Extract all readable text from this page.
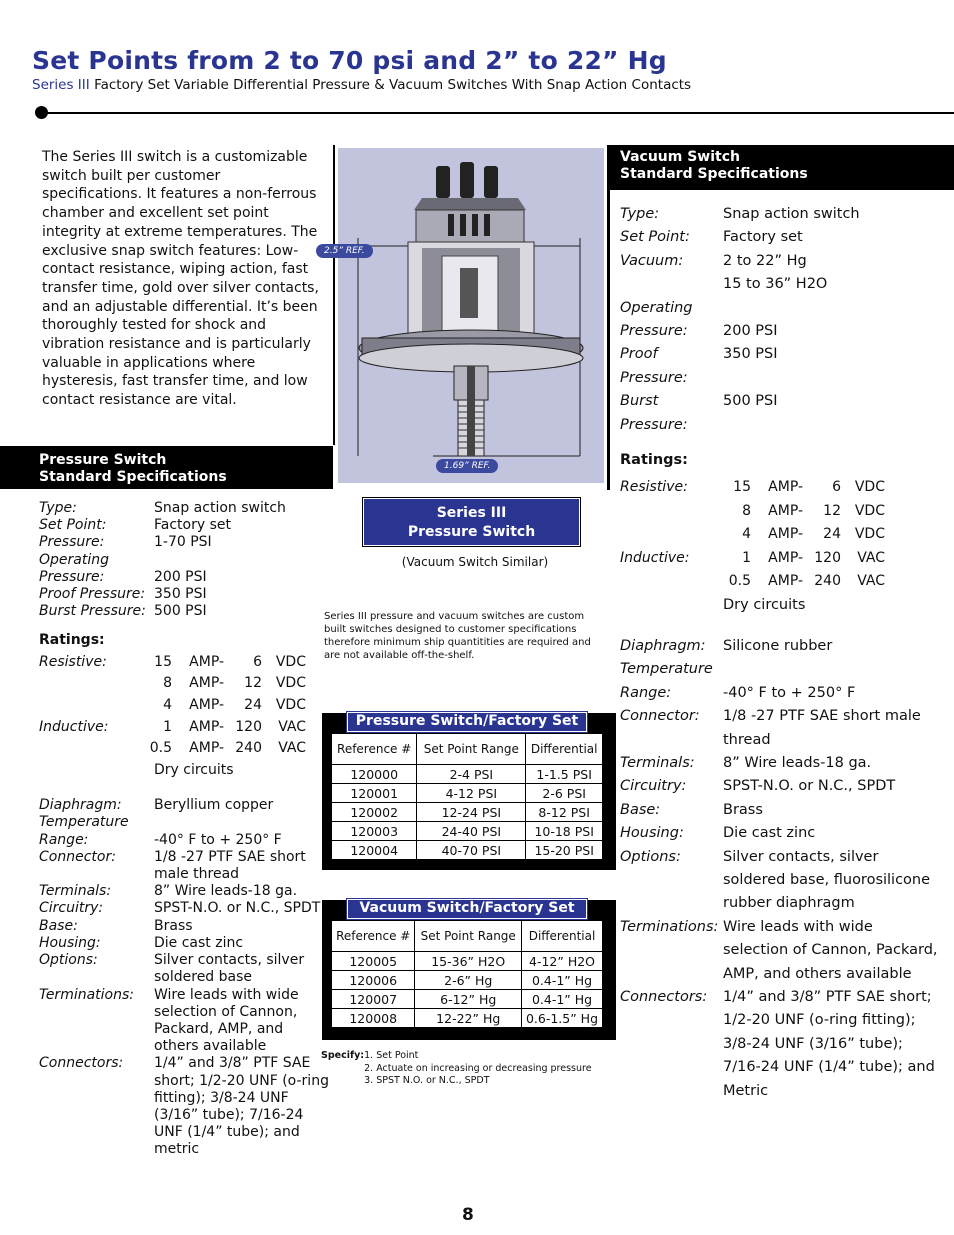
Set Points from 2 to 70 psi and 2” to 22” Hg
Series III Factory Set Variable Differential Pressure & Vacuum Switches With Snap Action Contacts
The Series III switch is a customizable switch built per customer specifications. It features a non-ferrous chamber and excellent set point integrity at extreme temperatures. The exclusive snap switch features: Low-contact resistance, wiping action, fast transfer time, gold over silver contacts, and an adjustable differential. It’s been thoroughly tested for shock and vibration resistance and is particularly valuable in applications where hysteresis, fast transfer time, and low contact resistance are vital.
2.5” REF.
1.69” REF.
Pressure Switch
Standard Specifications
Vacuum Switch
Standard Specifications
Type:	Snap action switch
Set Point:	Factory set
Pressure:	1-70 PSI
Operating
Pressure:	200 PSI
Proof Pressure: 350 PSI
Burst Pressure: 500 PSI
Ratings:
Resistive:	15	AMP-	6	VDC
	8	AMP-	12	VDC
	4	AMP-	24	VDC
Inductive:	1	AMP-	120	VAC
	0.5	AMP-	240	VAC
Dry circuits
Diaphragm:	Beryllium copper
Temperature
Range:	-40° F to + 250° F
Connector:	1/8 -27 PTF SAE short male thread
Terminals:	8” Wire leads-18 ga.
Circuitry:	SPST-N.O. or N.C., SPDT
Base:	Brass
Housing:	Die cast zinc
Options:	Silver contacts, silver soldered base
Terminations:	Wire leads with wide selection of Cannon, Packard, AMP, and others available
Connectors:	1/4” and 3/8” PTF SAE short; 1/2-20 UNF (o-ring fitting); 3/8-24 UNF (3/16” tube); 7/16-24 UNF (1/4” tube); and metric
Type:	Snap action switch
Set Point:	Factory set
Vacuum:	2 to 22” Hg
15 to 36” H2O
Operating
Pressure:	200 PSI
Proof Pressure:
350 PSI
Burst Pressure:
500 PSI
Ratings:
Resistive:	15	AMP-	6	VDC
	8	AMP-	12	VDC
	4	AMP-	24	VDC
Inductive:	1	AMP-	120	VAC
	0.5	AMP-	240	VAC
Dry circuits
Diaphragm:	Silicone rubber
Temperature
Range:	-40° F to + 250° F
Connector:	1/8 -27 PTF SAE short male thread
Terminals:	8” Wire leads-18 ga.
Circuitry:	SPST-N.O. or N.C., SPDT
Base:	Brass
Housing:	Die cast zinc
Options:	Silver contacts, silver soldered base, fluorosilicone rubber diaphragm
Terminations: Wire leads with wide selection of Cannon, Packard, AMP, and others available
Connectors:	1/4” and 3/8” PTF SAE short; 1/2-20 UNF (o-ring fitting); 3/8-24 UNF (3/16” tube); 7/16-24 UNF (1/4” tube); and Metric
Series III
Pressure Switch
(Vacuum Switch Similar)
Series III pressure and vacuum switches are custom built switches designed to customer specifications therefore minimum ship quantitities are required and are not available off-the-shelf.
Pressure Switch/Factory Set
Reference #	Set Point Range	Differential
120000	2-4 PSI	1-1.5 PSI
120001	4-12 PSI	2-6 PSI
120002	12-24 PSI	8-12 PSI
120003	24-40 PSI	10-18 PSI
120004	40-70 PSI	15-20 PSI
Vacuum Switch/Factory Set
Reference #	Set Point Range	Differential
120005	15-36” H2O	4-12” H2O
120006	2-6” Hg	0.4-1” Hg
120007	6-12” Hg	0.4-1” Hg
120008	12-22” Hg	0.6-1.5” Hg
Specify: 1. Set Point
2. Actuate on increasing or decreasing pressure
3. SPST N.O. or N.C., SPDT
8
